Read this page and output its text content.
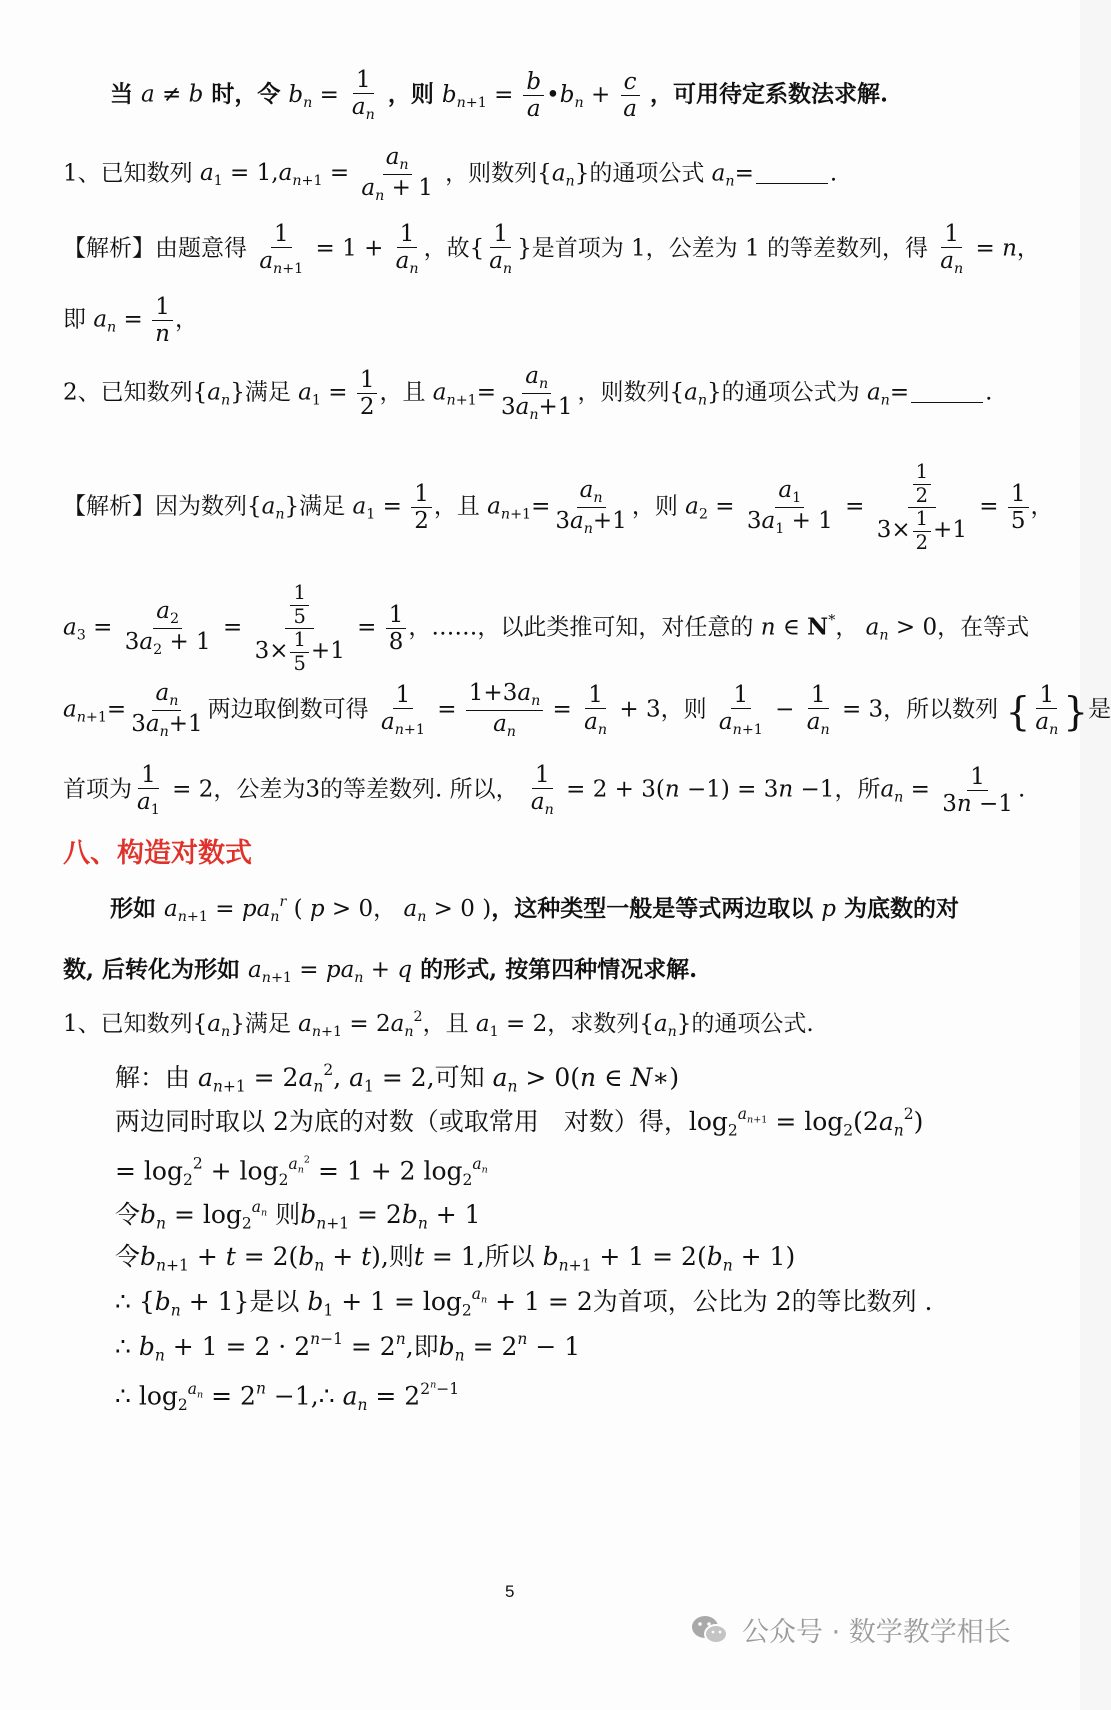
当 a ≠ b 时，令 $b_n = \frac{1}{a_n}$ ，则 $b_{n+1} = \frac{b}{a}$ $•b_n + \frac{c}{a}$ ，可用待定系数法求解.
1、已知数列 $a_1 = 1,a_{n+1} = \frac{a_n}{a_n + 1}$ ，则数列$\{a_n\}$的通项公式 $a_n=$	.
【解析】由题意得 $\frac{1}{a_{n+1}} = 1 + \frac{1}{a_n}$ ，故{ $\frac{1}{a_n}$ }是首项为 1，公差为 1 的等差数列，得 $\frac{1}{a_n} = n$，
即 $a_n = \frac{1}{n}$ ，
2、已知数列$\{a_n\}$满足 $a_1 = \frac{1}{2}$ ，且 $a_{n+1}= \frac{a_n}{3a_n+1}$ ，则数列$\{a_n\}$的通项公式为 $a_n=$	.
【解析】因为数列$\{a_n\}$满足 $a_1 = \frac{1}{2}$ ，且 $a_{n+1}= \frac{a_n}{3a_n+1}$ ，则 $a_2 = \frac{a_1}{3a_1 + 1} = \frac{\frac{1}{2}}{3\times \frac{1}{2} +1} = \frac{1}{5}$ ，
$a_3 = \frac{a_2}{3a_2 + 1} = \frac{\frac{1}{5}}{3\times \frac{1}{5} +1} = \frac{1}{8}$ ，……，以此类推可知，对任意的 n ∈ N*， $a_n > 0$，在等式
$a_{n+1}= \frac{a_n}{3a_n+1}$ 两边取倒数可得 $\frac{1}{a_{n+1}} = \frac{1+3a_n}{a_n} = \frac{1}{a_n} + 3$，则 $\frac{1}{a_{n+1}} - \frac{1}{a_n} = 3$，所以数列 { $\frac{1}{a_n}$ }是
首项为 $\frac{1}{a_1} = 2$，公差为3的等差数列. 所以， $\frac{1}{a_n} = 2 + 3(n -1) = 3n -1$，所$a_n = \frac{1}{3n -1}$ .
八、构造对数式
形如 $a_{n+1} = pa_n^r$ ( p > 0， $a_n > 0$ )，这种类型一般是等式两边取以 p 为底数的对
数, 后转化为形如 $a_{n+1} = pa_n + q$ 的形式, 按第四种情况求解.
1、已知数列$\{a_n\}$满足 $a_{n+1} = 2a_n^2$，且 $a_1 = 2$，求数列$\{a_n\}$的通项公式.
解：由 $a_{n+1} = 2a_n^2$, $a_1 = 2$,可知 $a_n > 0(n$ ∈ N∗)
两边同时取以 2为底的对数（或取常用　对数）得，$\log_2^{a_{n+1}} = \log_2(2a_n^2)$
= $\log_2^2 + \log_2^{a_n^2} = 1 + 2$ $\log_2^{a_n}$
令$b_n = \log_2^{a_n}$ 则$b_{n+1} = 2b_n + 1$
令$b_{n+1} + t = 2(b_n + t)$,则t = 1,所以 $b_{n+1} + 1 = 2(b_n + 1)$
∴ $\{b_n + 1\}$是以 $b_1 + 1 = \log_2^{a_n} + 1 = 2$为首项，公比为 2的等比数列 .
∴ $b_n + 1 = 2 \cdot 2^{n-1} = 2^n$,即$b_n = 2^n - 1$
∴ $\log_2^{a_n} = 2^n$ −1,∴ $a_n = 2^{2^n-1}$
5
公众号 · 数学教学相长
